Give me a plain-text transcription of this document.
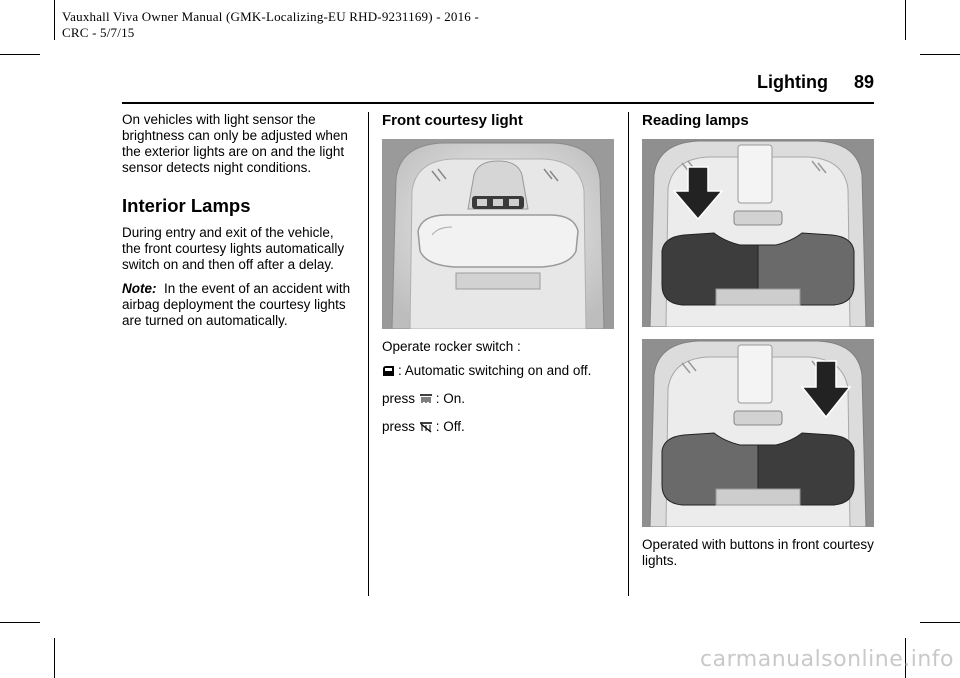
Vauxhall Viva Owner Manual (GMK-Localizing-EU RHD-9231169) - 2016 -
CRC - 5/7/15
Lighting 89

On vehicles with light sensor the brightness can only be adjusted when the exterior lights are on and the light sensor detects night conditions.

Interior Lamps

During entry and exit of the vehicle, the front courtesy lights automatically switch on and then off after a delay.

Note: In the event of an accident with airbag deployment the courtesy lights are turned on automatically.

Front courtesy light

Operate rocker switch :

: Automatic switching on and off.

press : On.

press : Off.

Reading lamps

Operated with buttons in front courtesy lights.

carmanualsonline.info
